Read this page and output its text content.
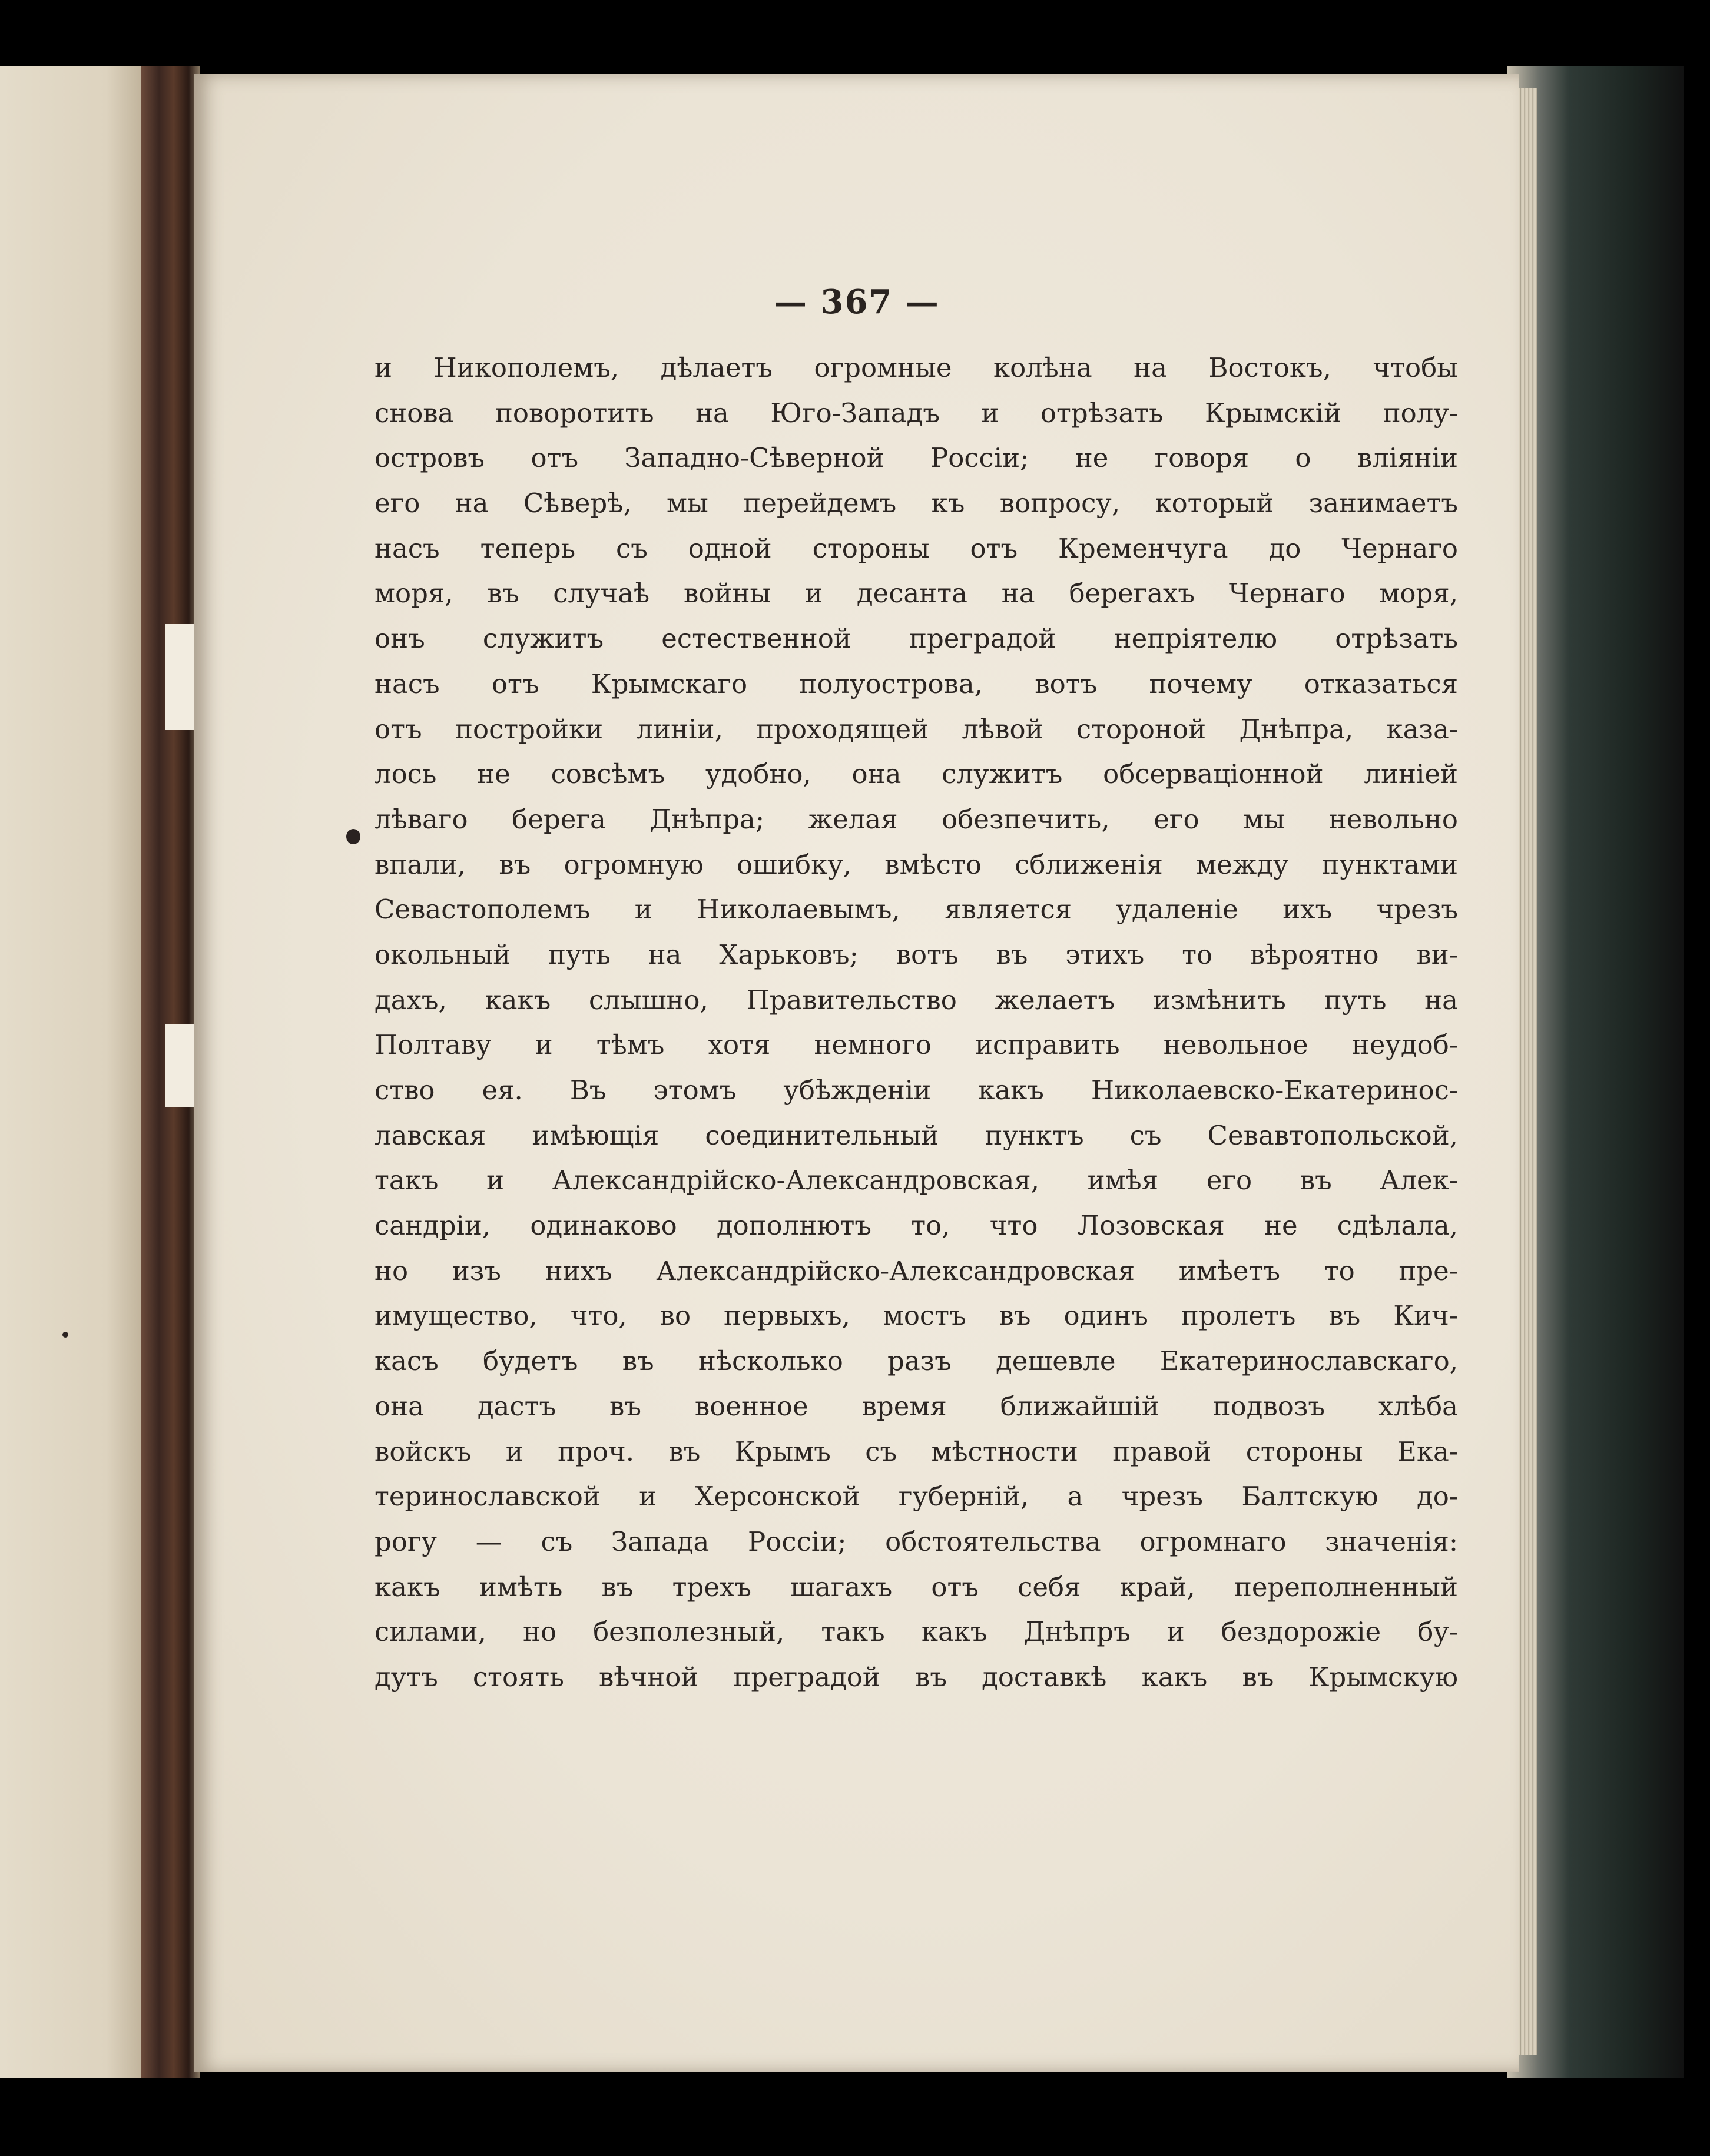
— 367 —
и Никополемъ, дѣлаетъ огромные колѣна на Востокъ, чтобы
снова поворотить на Юго-Западъ и отрѣзать Крымскій полу-
островъ отъ Западно-Сѣверной Россіи; не говоря о вліяніи
его на Сѣверѣ, мы перейдемъ къ вопросу, который занимаетъ
насъ теперь съ одной стороны отъ Кременчуга до Чернаго
моря, въ случаѣ войны и десанта на берегахъ Чернаго моря,
онъ служитъ естественной преградой непріятелю отрѣзать
насъ отъ Крымскаго полуострова, вотъ почему отказаться
отъ постройки линіи, проходящей лѣвой стороной Днѣпра, каза-
лось не совсѣмъ удобно, она служитъ обсерваціонной линіей
лѣваго берега Днѣпра; желая обезпечить, его мы невольно
впали, въ огромную ошибку, вмѣсто сближенія между пунктами
Севастополемъ и Николаевымъ, является удаленіе ихъ чрезъ
окольный путь на Харьковъ; вотъ въ этихъ то вѣроятно ви-
дахъ, какъ слышно, Правительство желаетъ измѣнить путь на
Полтаву и тѣмъ хотя немного исправить невольное неудоб-
ство ея. Въ этомъ убѣжденіи какъ Николаевско-Екатеринос-
лавская имѣющія соединительный пунктъ съ Севавтопольской,
такъ и Александрійско-Александровская, имѣя его въ Алек-
сандріи, одинаково дополнютъ то, что Лозовская не сдѣлала,
но изъ нихъ Александрійско-Александровская имѣетъ то пре-
имущество, что, во первыхъ, мостъ въ одинъ пролетъ въ Кич-
касъ будетъ въ нѣсколько разъ дешевле Екатеринославскаго,
она дастъ въ военное время ближайшій подвозъ хлѣба
войскъ и проч. въ Крымъ съ мѣстности правой стороны Ека-
теринославской и Херсонской губерній, а чрезъ Балтскую до-
рогу — съ Запада Россіи; обстоятельства огромнаго значенія:
какъ имѣть въ трехъ шагахъ отъ себя край, переполненный
силами, но безполезный, такъ какъ Днѣпръ и бездорожіе бу-
дутъ стоять вѣчной преградой въ доставкѣ какъ въ Крымскую
